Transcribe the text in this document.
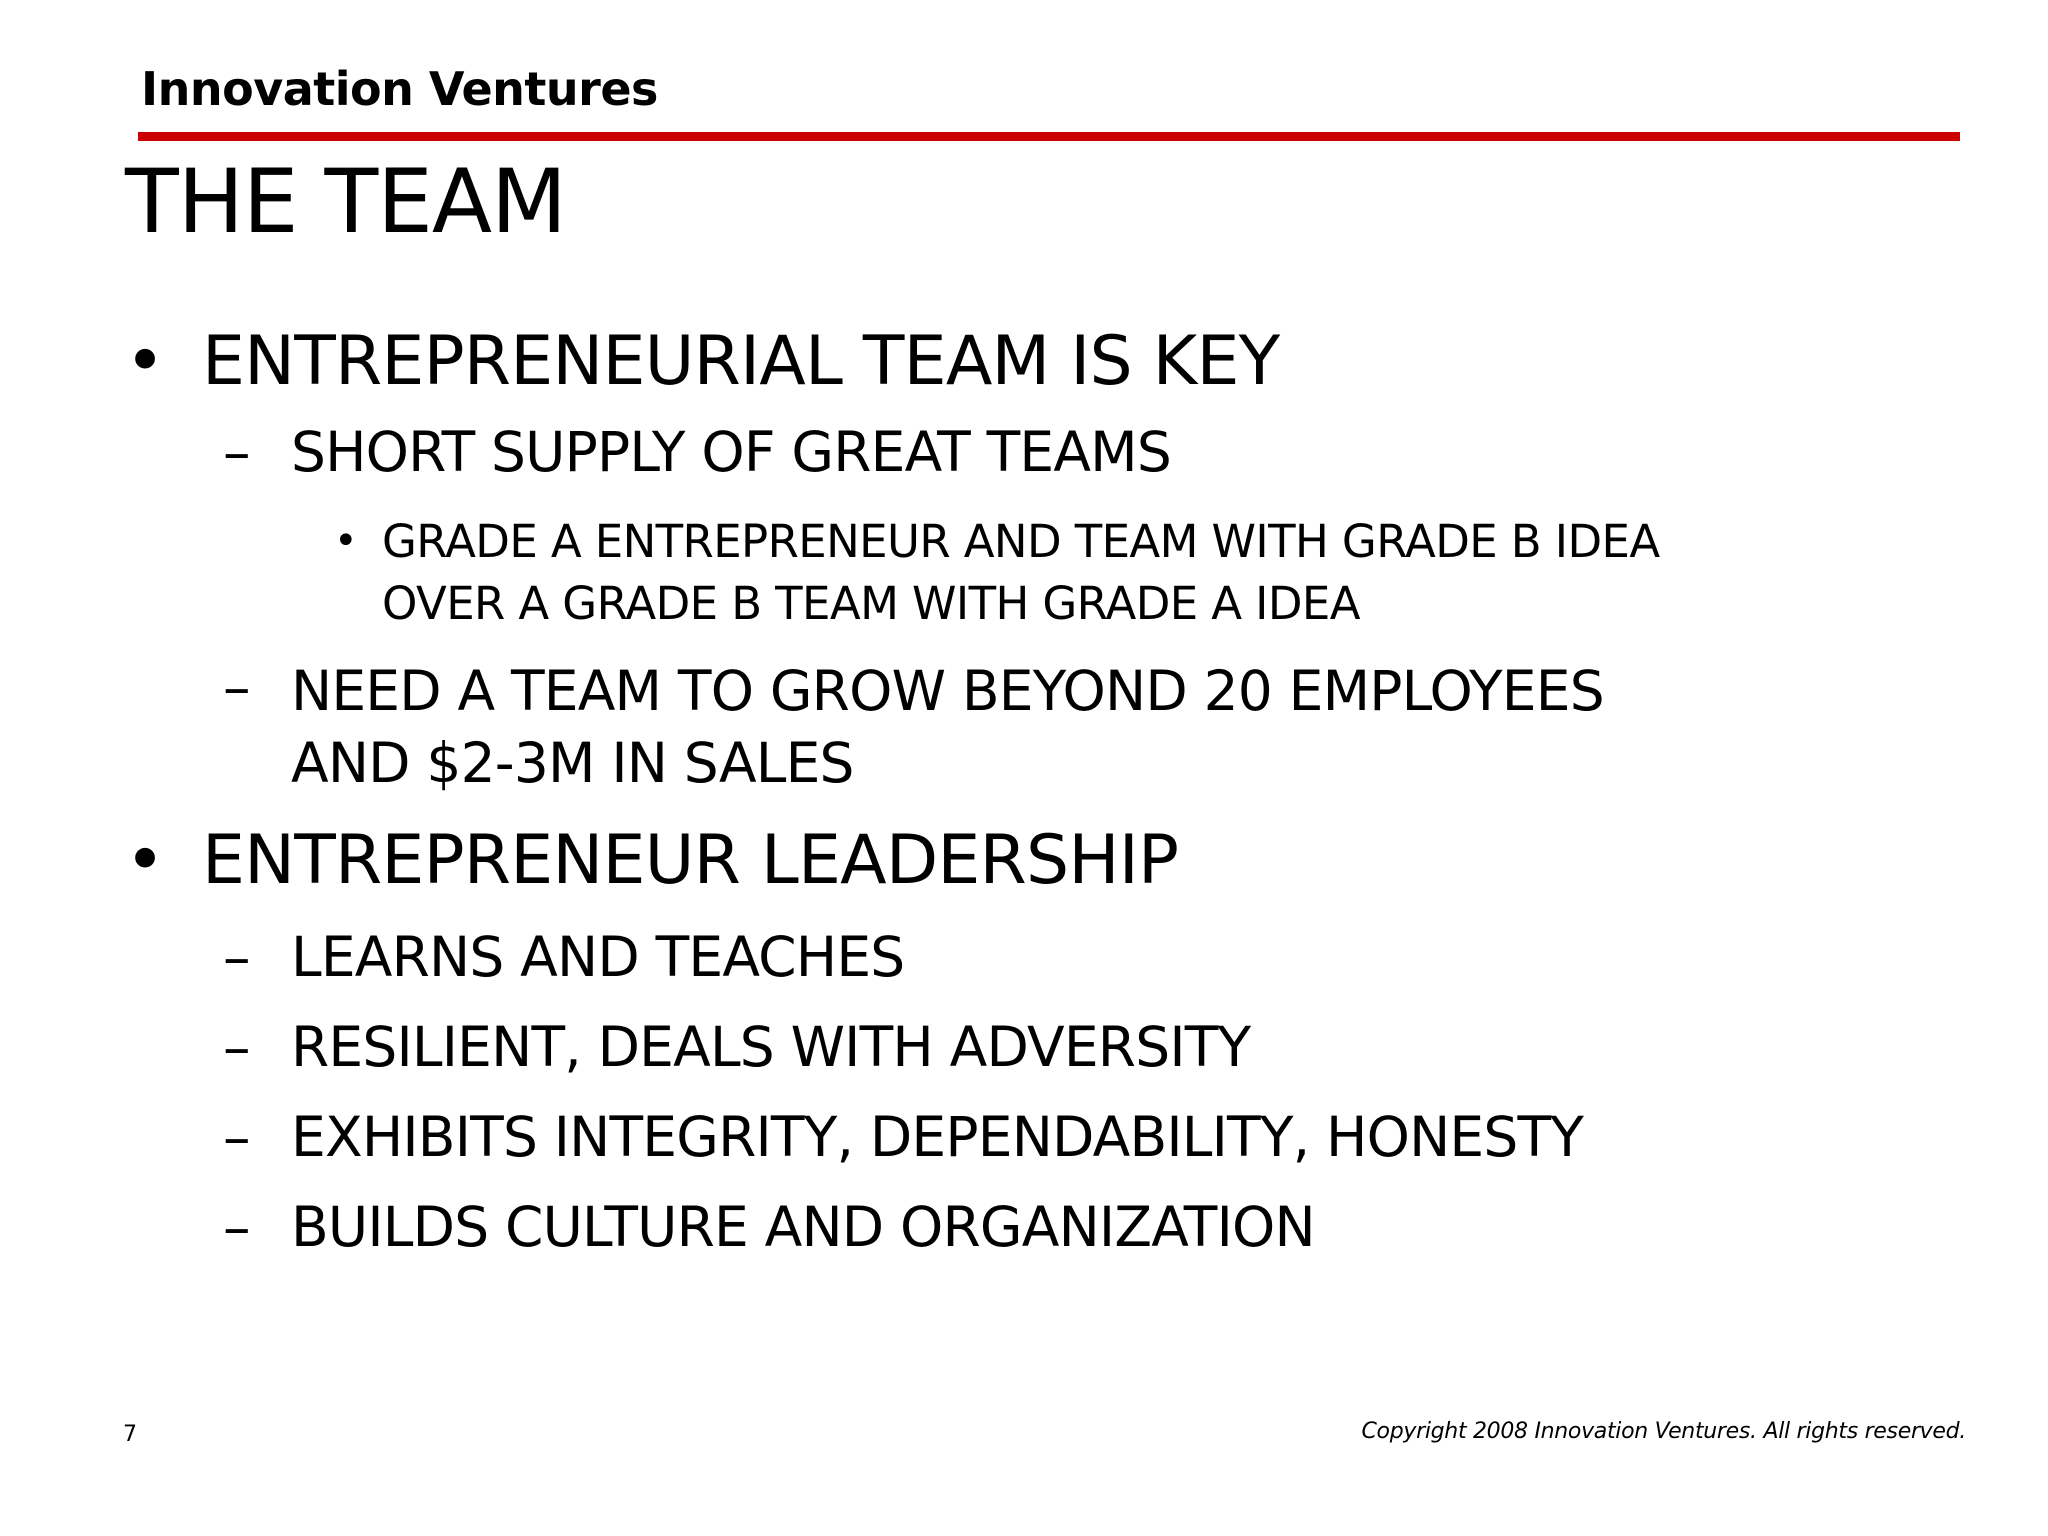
Innovation Ventures
THE TEAM
• ENTREPRENEURIAL TEAM IS KEY
– SHORT SUPPLY OF GREAT TEAMS
• GRADE A ENTREPRENEUR AND TEAM WITH GRADE B IDEA
OVER A GRADE B TEAM WITH GRADE A IDEA
– NEED A TEAM TO GROW BEYOND 20 EMPLOYEES
AND $2-3M IN SALES
• ENTREPRENEUR LEADERSHIP
– LEARNS AND TEACHES
– RESILIENT, DEALS WITH ADVERSITY
– EXHIBITS INTEGRITY, DEPENDABILITY, HONESTY
– BUILDS CULTURE AND ORGANIZATION
7	Copyright 2008 Innovation Ventures. All rights reserved.
